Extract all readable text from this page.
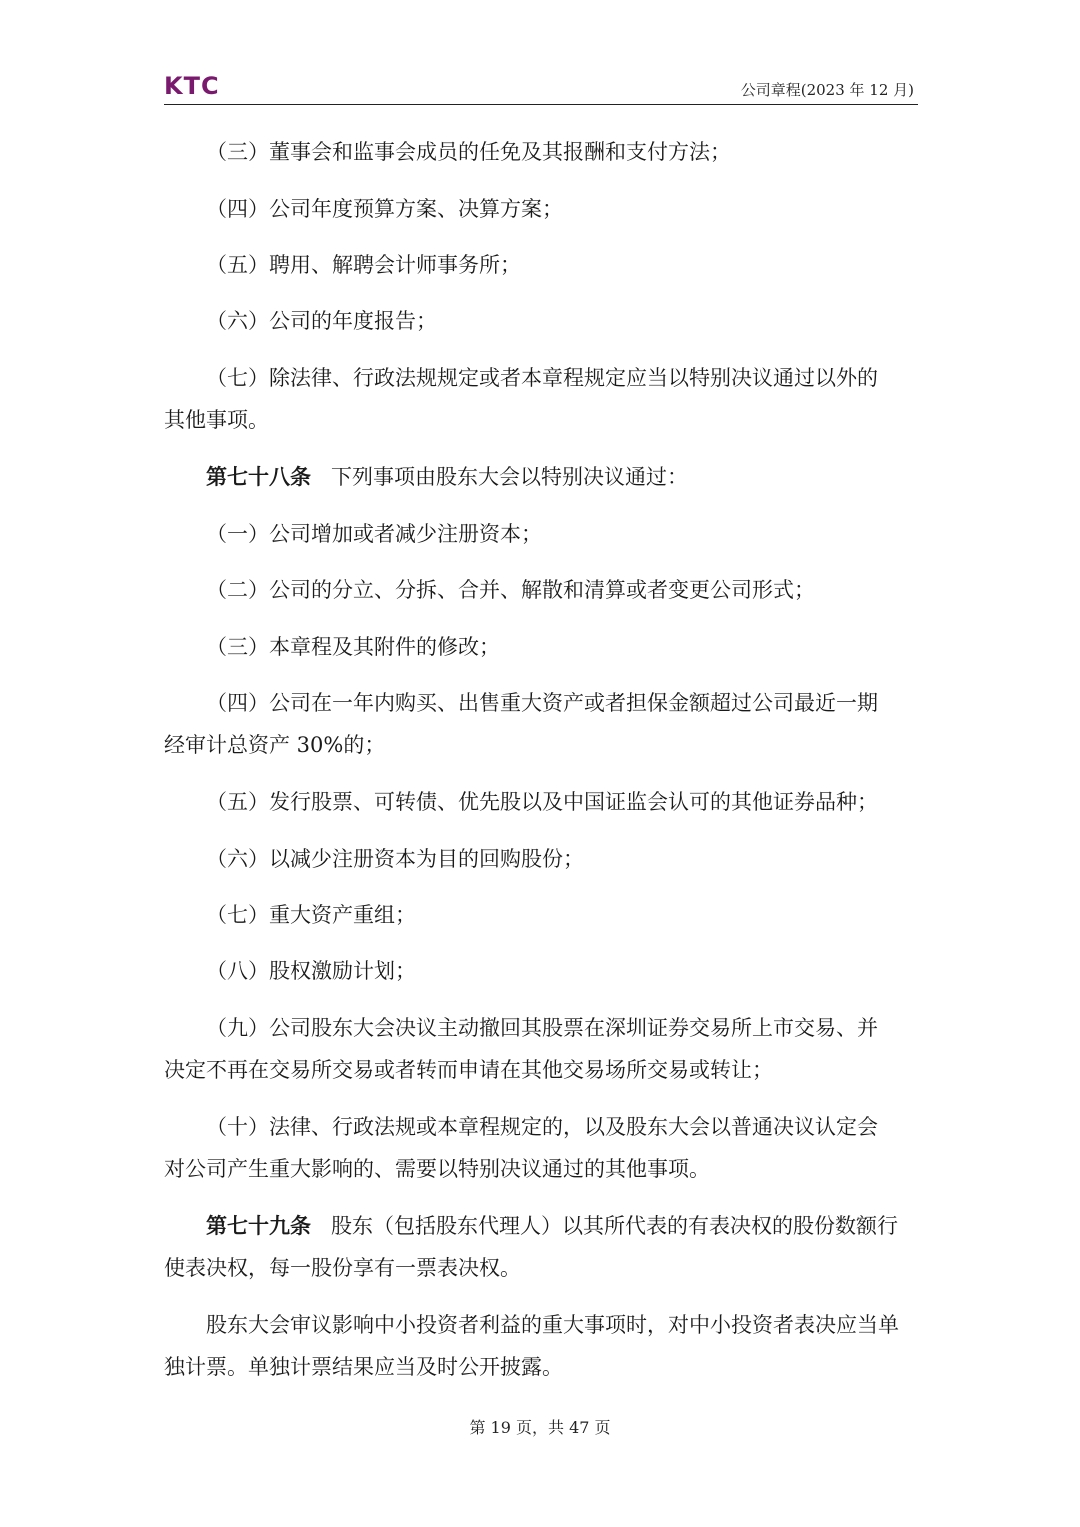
KTC	公司章程(2023 年 12 月)

（三）董事会和监事会成员的任免及其报酬和支付方法；

（四）公司年度预算方案、决算方案；

（五）聘用、解聘会计师事务所；

（六）公司的年度报告；

（七）除法律、行政法规规定或者本章程规定应当以特别决议通过以外的
其他事项。

第七十八条 下列事项由股东大会以特别决议通过：

（一）公司增加或者减少注册资本；

（二）公司的分立、分拆、合并、解散和清算或者变更公司形式；

（三）本章程及其附件的修改；

（四）公司在一年内购买、出售重大资产或者担保金额超过公司最近一期
经审计总资产 30%的；

（五）发行股票、可转债、优先股以及中国证监会认可的其他证券品种；

（六）以减少注册资本为目的回购股份；

（七）重大资产重组；

（八）股权激励计划；

（九）公司股东大会决议主动撤回其股票在深圳证券交易所上市交易、并
决定不再在交易所交易或者转而申请在其他交易场所交易或转让；

（十）法律、行政法规或本章程规定的，以及股东大会以普通决议认定会
对公司产生重大影响的、需要以特别决议通过的其他事项。

第七十九条 股东（包括股东代理人）以其所代表的有表决权的股份数额行
使表决权，每一股份享有一票表决权。

股东大会审议影响中小投资者利益的重大事项时，对中小投资者表决应当单
独计票。单独计票结果应当及时公开披露。

第 19 页，共 47 页
